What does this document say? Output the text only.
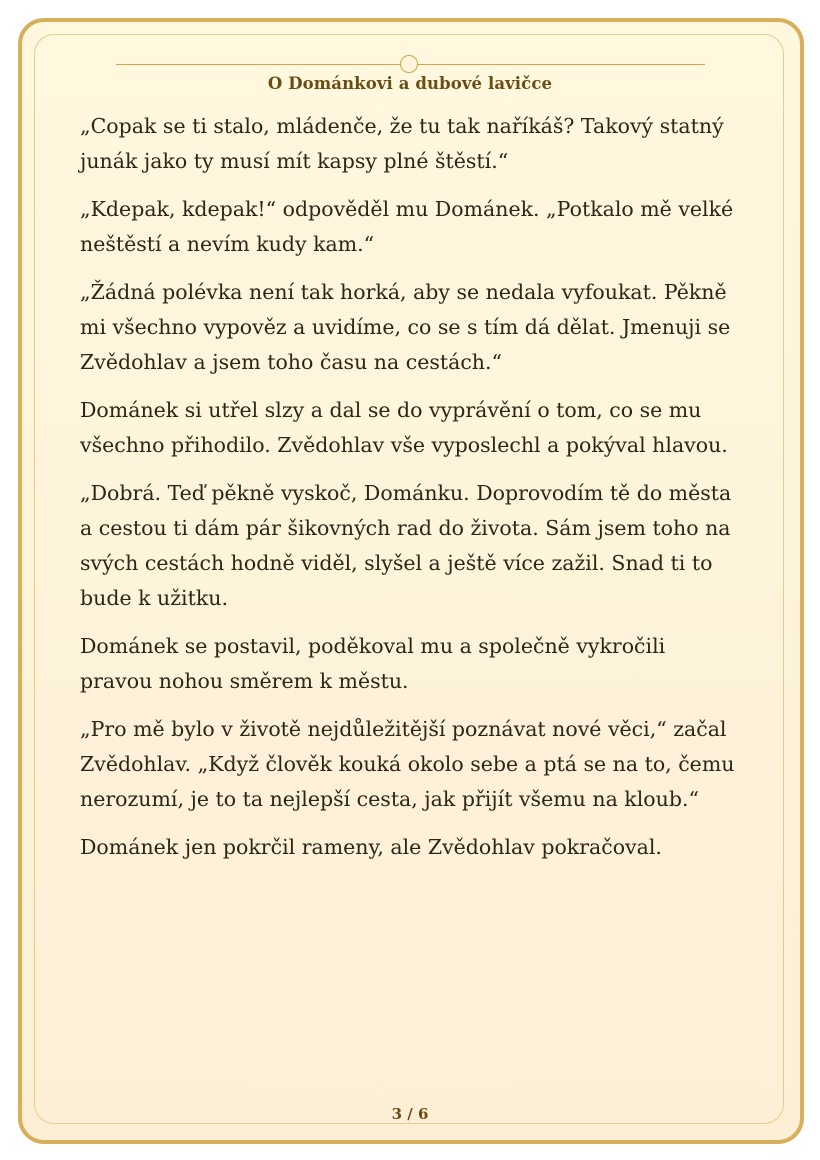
O Dománkovi a dubové lavičce

„Copak se ti stalo, mládenče, že tu tak naříkáš? Takový statný junák jako ty musí mít kapsy plné štěstí.“

„Kdepak, kdepak!“ odpověděl mu Dománek. „Potkalo mě velké neštěstí a nevím kudy kam.“

„Žádná polévka není tak horká, aby se nedala vyfoukat. Pěkně mi všechno vypověz a uvidíme, co se s tím dá dělat. Jmenuji se Zvědohlav a jsem toho času na cestách.“

Dománek si utřel slzy a dal se do vyprávění o tom, co se mu všechno přihodilo. Zvědohlav vše vyposlechl a pokýval hlavou.

„Dobrá. Teď pěkně vyskoč, Dománku. Doprovodím tě do města a cestou ti dám pár šikovných rad do života. Sám jsem toho na svých cestách hodně viděl, slyšel a ještě více zažil. Snad ti to bude k užitku.

Dománek se postavil, poděkoval mu a společně vykročili pravou nohou směrem k městu.

„Pro mě bylo v životě nejdůležitější poznávat nové věci,“ začal Zvědohlav. „Když člověk kouká okolo sebe a ptá se na to, čemu nerozumí, je to ta nejlepší cesta, jak přijít všemu na kloub.“

Dománek jen pokrčil rameny, ale Zvědohlav pokračoval.

3 / 6
